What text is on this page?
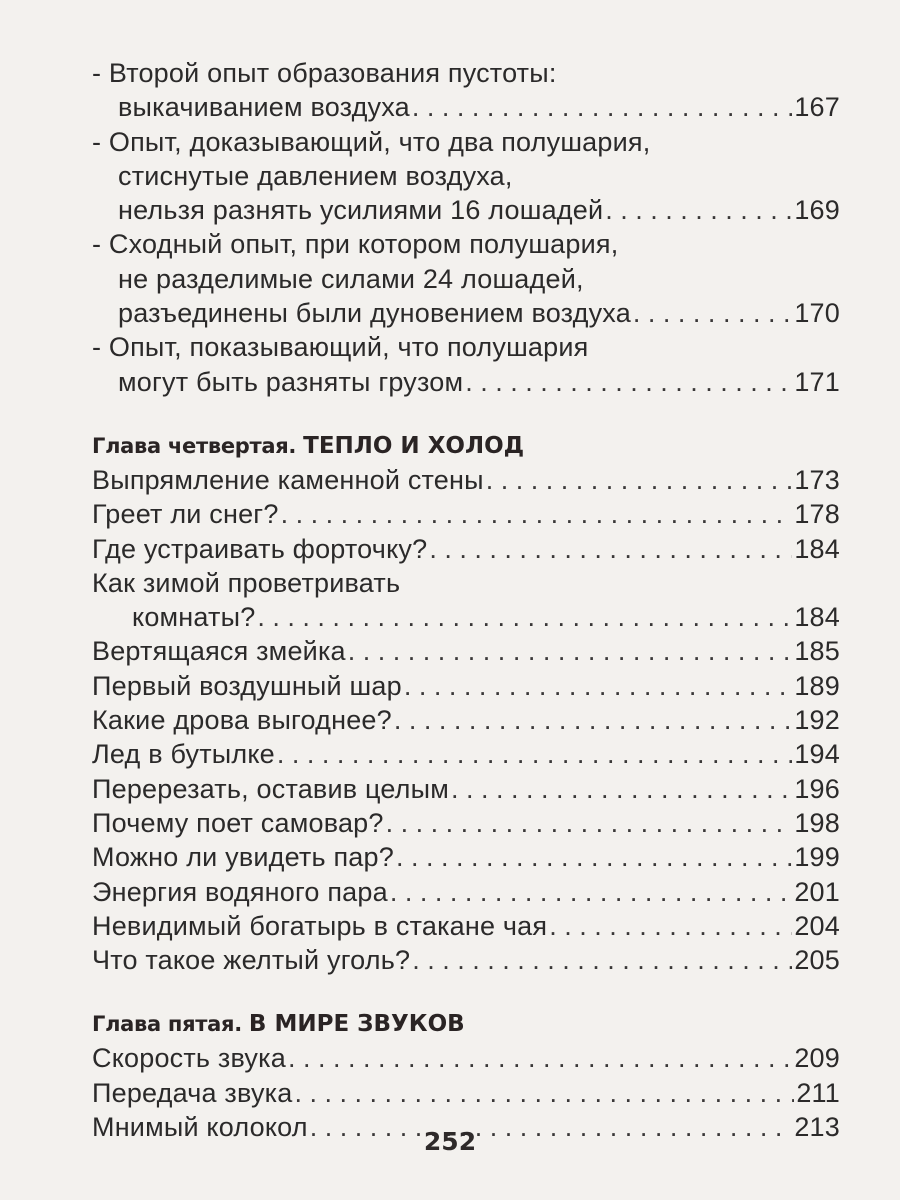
- Второй опыт образования пустоты:
выкачиванием воздуха . . .	167
- Опыт, доказывающий, что два полушария,
стиснутые давлением воздуха,
нельзя разнять усилиями 16 лошадей . . .	169
- Сходный опыт, при котором полушария,
не разделимые силами 24 лошадей,
разъединены были дуновением воздуха . . .	170
- Опыт, показывающий, что полушария
могут быть разняты грузом . . .	171
Глава четвертая. ТЕПЛО И ХОЛОД
Выпрямление каменной стены . . .	173
Греет ли снег? . . .	178
Где устраивать форточку? . . .	184
Как зимой проветривать
комнаты? . . .	184
Вертящаяся змейка . . .	185
Первый воздушный шар . . .	189
Какие дрова выгоднее? . . .	192
Лед в бутылке . . .	194
Перерезать, оставив целым . . .	196
Почему поет самовар? . . .	198
Можно ли увидеть пар? . . .	199
Энергия водяного пара . . .	201
Невидимый богатырь в стакане чая . . .	204
Что такое желтый уголь? . . .	205
Глава пятая. В МИРЕ ЗВУКОВ
Скорость звука . . .	209
Передача звука . . .	211
Мнимый колокол . . .	213
252
